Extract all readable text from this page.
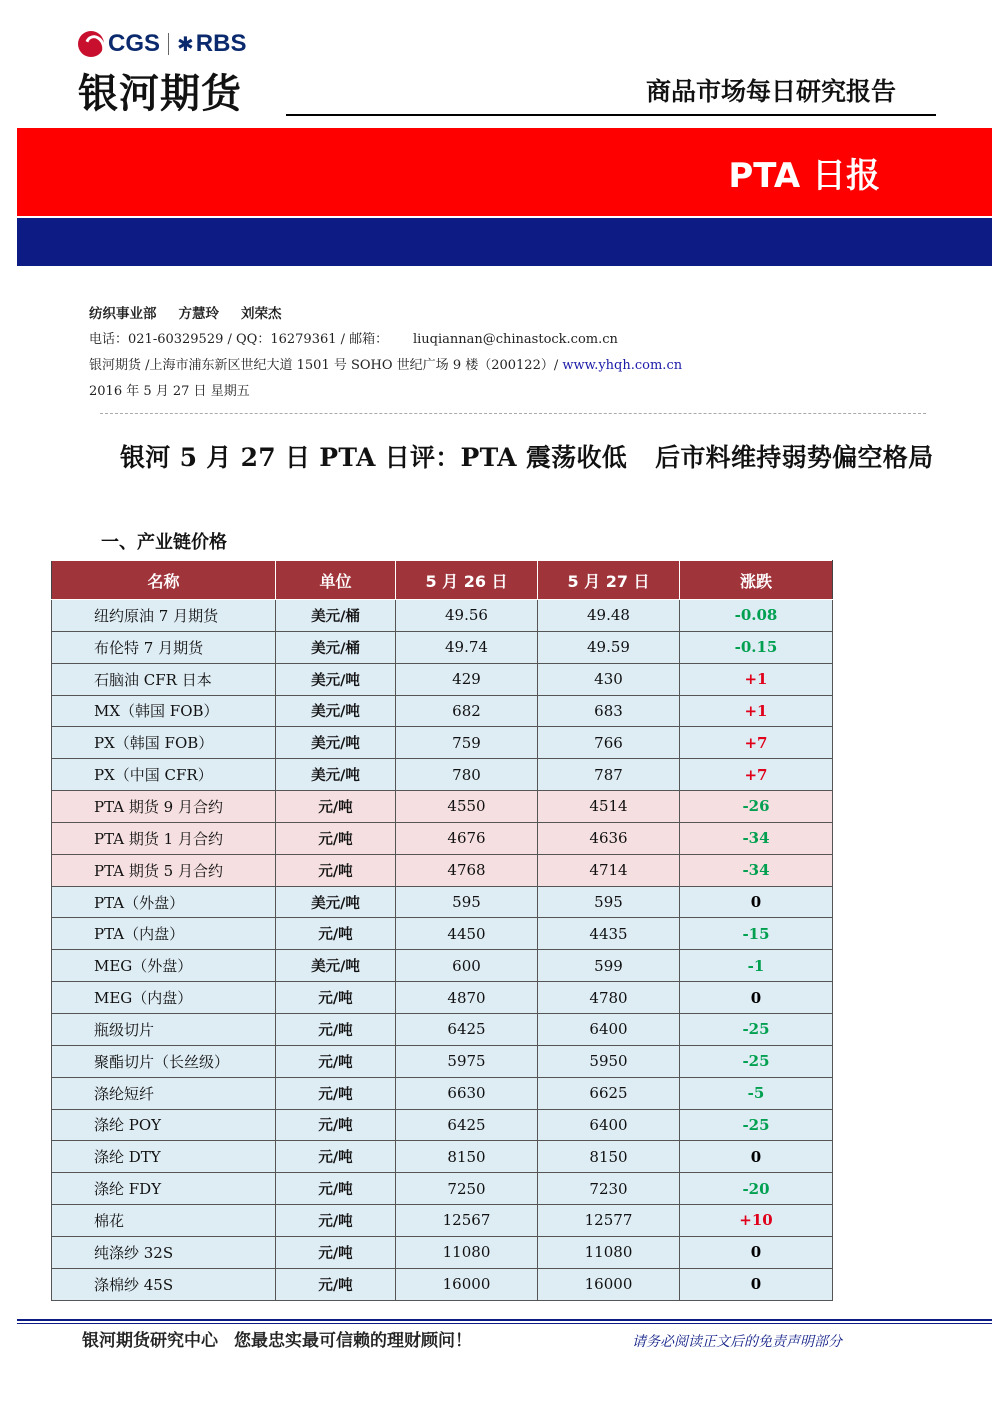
CGS ✱ RBS
银河期货	商品市场每日研究报告
PTA 日报
纺织事业部 方慧玲 刘荣杰
电话：021-60329529 / QQ：16279361 / 邮箱： liuqiannan@chinastock.com.cn
银河期货 /上海市浦东新区世纪大道 1501 号 SOHO 世纪广场 9 楼（200122）/ www.yhqh.com.cn
2016 年 5 月 27 日 星期五
银河 5 月 27 日 PTA 日评：PTA 震荡收低 后市料维持弱势偏空格局
一、产业链价格
名称	单位	5 月 26 日	5 月 27 日	涨跌
纽约原油 7 月期货	美元/桶	49.56	49.48	-0.08
布伦特 7 月期货	美元/桶	49.74	49.59	-0.15
石脑油 CFR 日本	美元/吨	429	430	+1
MX（韩国 FOB）	美元/吨	682	683	+1
PX（韩国 FOB）	美元/吨	759	766	+7
PX（中国 CFR）	美元/吨	780	787	+7
PTA 期货 9 月合约	元/吨	4550	4514	-26
PTA 期货 1 月合约	元/吨	4676	4636	-34
PTA 期货 5 月合约	元/吨	4768	4714	-34
PTA（外盘）	美元/吨	595	595	0
PTA（内盘）	元/吨	4450	4435	-15
MEG（外盘）	美元/吨	600	599	-1
MEG（内盘）	元/吨	4870	4780	0
瓶级切片	元/吨	6425	6400	-25
聚酯切片（长丝级）	元/吨	5975	5950	-25
涤纶短纤	元/吨	6630	6625	-5
涤纶 POY	元/吨	6425	6400	-25
涤纶 DTY	元/吨	8150	8150	0
涤纶 FDY	元/吨	7250	7230	-20
棉花	元/吨	12567	12577	+10
纯涤纱 32S	元/吨	11080	11080	0
涤棉纱 45S	元/吨	16000	16000	0
银河期货研究中心 您最忠实最可信赖的理财顾问！	请务必阅读正文后的免责声明部分
